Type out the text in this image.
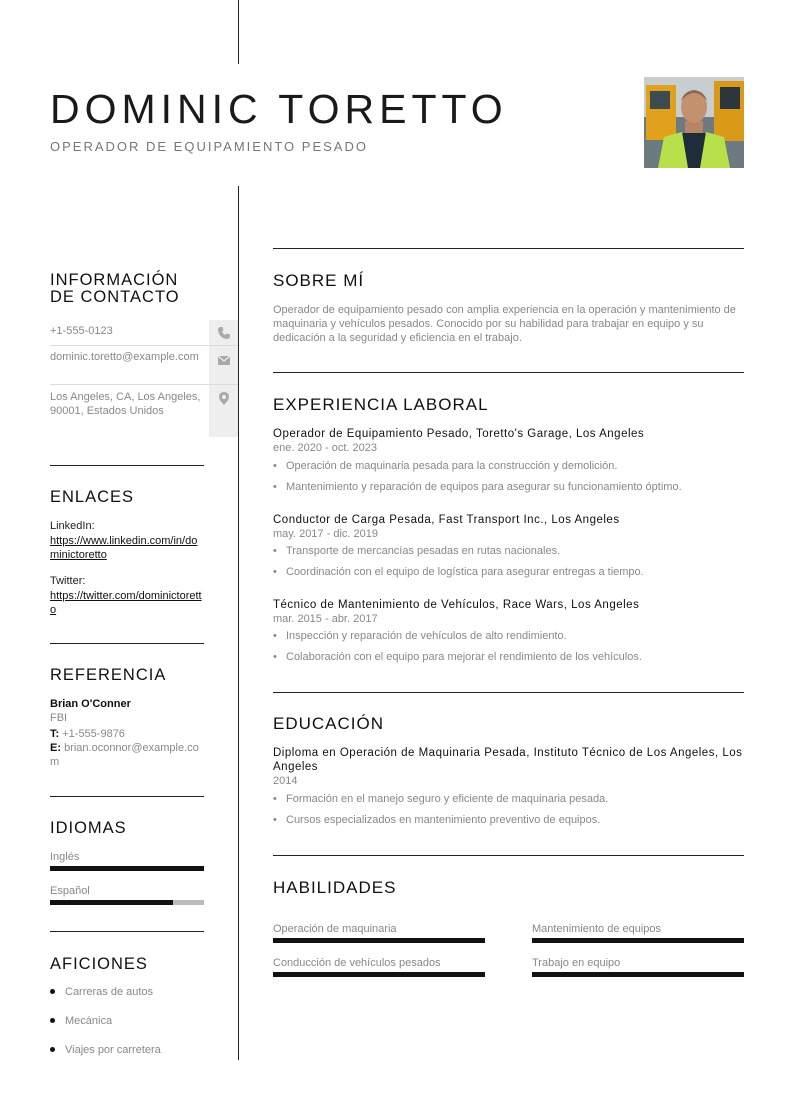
DOMINIC TORETTO
OPERADOR DE EQUIPAMIENTO PESADO
INFORMACIÓN
DE CONTACTO
+1-555-0123
dominic.toretto@example.com
Los Angeles, CA, Los Angeles, 90001, Estados Unidos
ENLACES
LinkedIn:
https://www.linkedin.com/in/dominictoretto
Twitter:
https://twitter.com/dominictoretto
REFERENCIA
Brian O'Conner
FBI
T: +1-555-9876
E: brian.oconnor@example.com
IDIOMAS
Inglés
Español
AFICIONES
Carreras de autos
Mecánica
Viajes por carretera
SOBRE MÍ

Operador de equipamiento pesado con amplia experiencia en la operación y mantenimiento de maquinaria y vehículos pesados. Conocido por su habilidad para trabajar en equipo y su dedicación a la seguridad y eficiencia en el trabajo.

EXPERIENCIA LABORAL
Operador de Equipamiento Pesado, Toretto's Garage, Los Angeles
ene. 2020 - oct. 2023
• Operación de maquinaria pesada para la construcción y demolición.
• Mantenimiento y reparación de equipos para asegurar su funcionamiento óptimo.
Conductor de Carga Pesada, Fast Transport Inc., Los Angeles
may. 2017 - dic. 2019
• Transporte de mercancías pesadas en rutas nacionales.
• Coordinación con el equipo de logística para asegurar entregas a tiempo.
Técnico de Mantenimiento de Vehículos, Race Wars, Los Angeles
mar. 2015 - abr. 2017
• Inspección y reparación de vehículos de alto rendimiento.
• Colaboración con el equipo para mejorar el rendimiento de los vehículos.
EDUCACIÓN
Diploma en Operación de Maquinaria Pesada, Instituto Técnico de Los Angeles, Los Angeles
2014
• Formación en el manejo seguro y eficiente de maquinaria pesada.
• Cursos especializados en mantenimiento preventivo de equipos.
HABILIDADES
Operación de maquinaria	Mantenimiento de equipos
Conducción de vehículos pesados	Trabajo en equipo
